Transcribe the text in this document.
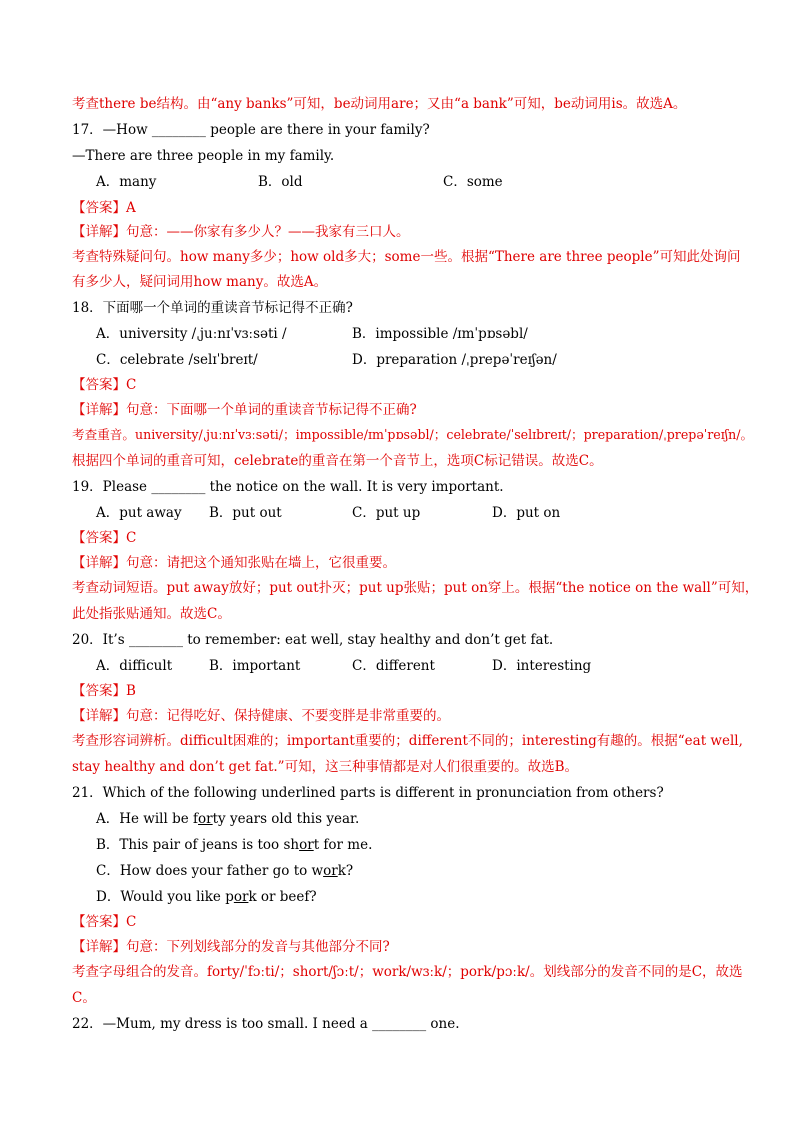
考查there be结构。由“any banks”可知，be动词用are；又由“a bank”可知，be动词用is。故选A。
17．—How ________ people are there in your family?
—There are three people in my family.
A．many	B．old	C．some
【答案】A
【详解】句意：——你家有多少人？——我家有三口人。
考查特殊疑问句。how many多少；how old多大；some一些。根据“There are three people”可知此处询问
有多少人，疑问词用how many。故选A。
18．下面哪一个单词的重读音节标记得不正确?
A．university /ˌjuːnɪˈvɜːsəti /	B．impossible /ɪmˈpɒsəbl/
C．celebrate /selɪˈbreɪt/	D．preparation /ˌprepəˈreɪʃən/
【答案】C
【详解】句意：下面哪一个单词的重读音节标记得不正确?
考查重音。university/ˌjuːnɪˈvɜːsəti/；impossible/ɪmˈpɒsəbl/；celebrate/ˈselɪbreɪt/；preparation/ˌprepəˈreɪʃn/。
根据四个单词的重音可知，celebrate的重音在第一个音节上，选项C标记错误。故选C。
19．Please ________ the notice on the wall. It is very important.
A．put away B．put out	C．put up	D．put on
【答案】C
【详解】句意：请把这个通知张贴在墙上，它很重要。
考查动词短语。put away放好；put out扑灭；put up张贴；put on穿上。根据“the notice on the wall”可知，
此处指张贴通知。故选C。
20．It’s ________ to remember: eat well, stay healthy and don’t get fat.
A．difficult	B．important	C．different	D．interesting
【答案】B
【详解】句意：记得吃好、保持健康、不要变胖是非常重要的。
考查形容词辨析。difficult困难的；important重要的；different不同的；interesting有趣的。根据“eat well,
stay healthy and don’t get fat.”可知，这三种事情都是对人们很重要的。故选B。
21．Which of the following underlined parts is different in pronunciation from others?
A．He will be forty years old this year.
B．This pair of jeans is too short for me.
C．How does your father go to work?
D．Would you like pork or beef?
【答案】C
【详解】句意：下列划线部分的发音与其他部分不同?
考查字母组合的发音。forty/ˈfɔːti/；short/ʃɔːt/；work/wɜːk/；pork/pɔːk/。划线部分的发音不同的是C，故选
C。
22．—Mum, my dress is too small. I need a ________ one.
